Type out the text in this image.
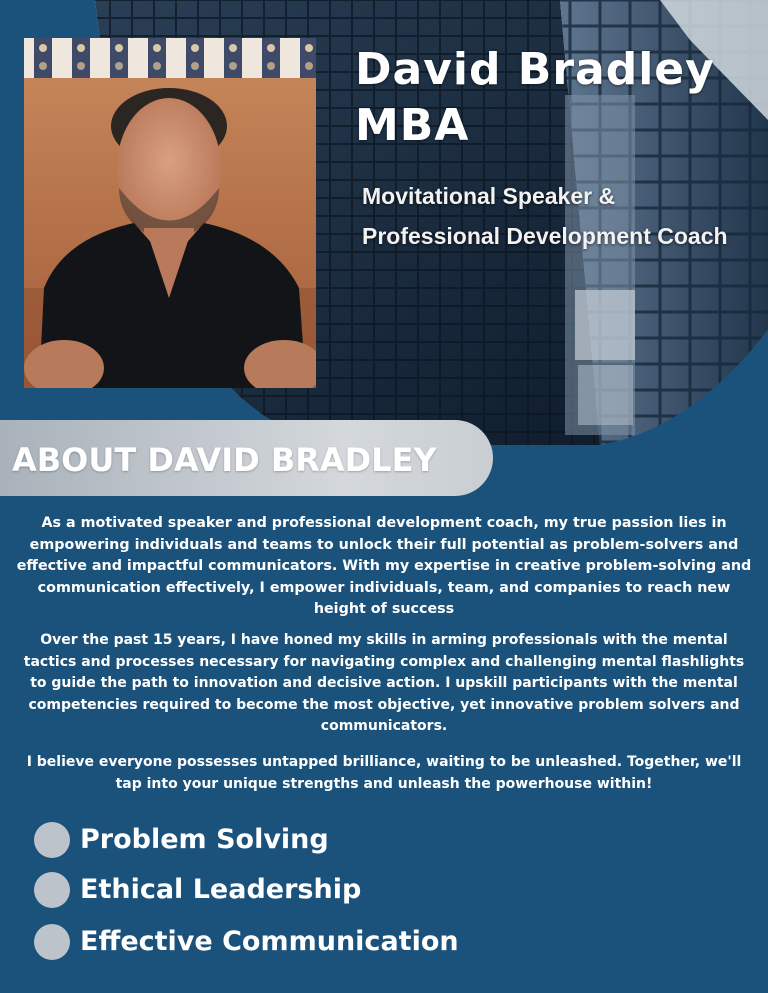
David Bradley
MBA
Movitational Speaker &
Professional Development Coach
ABOUT DAVID BRADLEY
As a motivated speaker and professional development coach, my true passion lies in empowering individuals and teams to unlock their full potential as problem-solvers and effective and impactful communicators. With my expertise in creative problem-solving and communication effectively, I empower individuals, team, and companies to reach new height of success
Over the past 15 years, I have honed my skills in arming professionals with the mental tactics and processes necessary for navigating complex and challenging mental flashlights to guide the path to innovation and decisive action. I upskill participants with the mental competencies required to become the most objective, yet innovative problem solvers and communicators.
I believe everyone possesses untapped brilliance, waiting to be unleashed. Together, we'll tap into your unique strengths and unleash the powerhouse within!
Problem Solving
Ethical Leadership
Effective Communication
